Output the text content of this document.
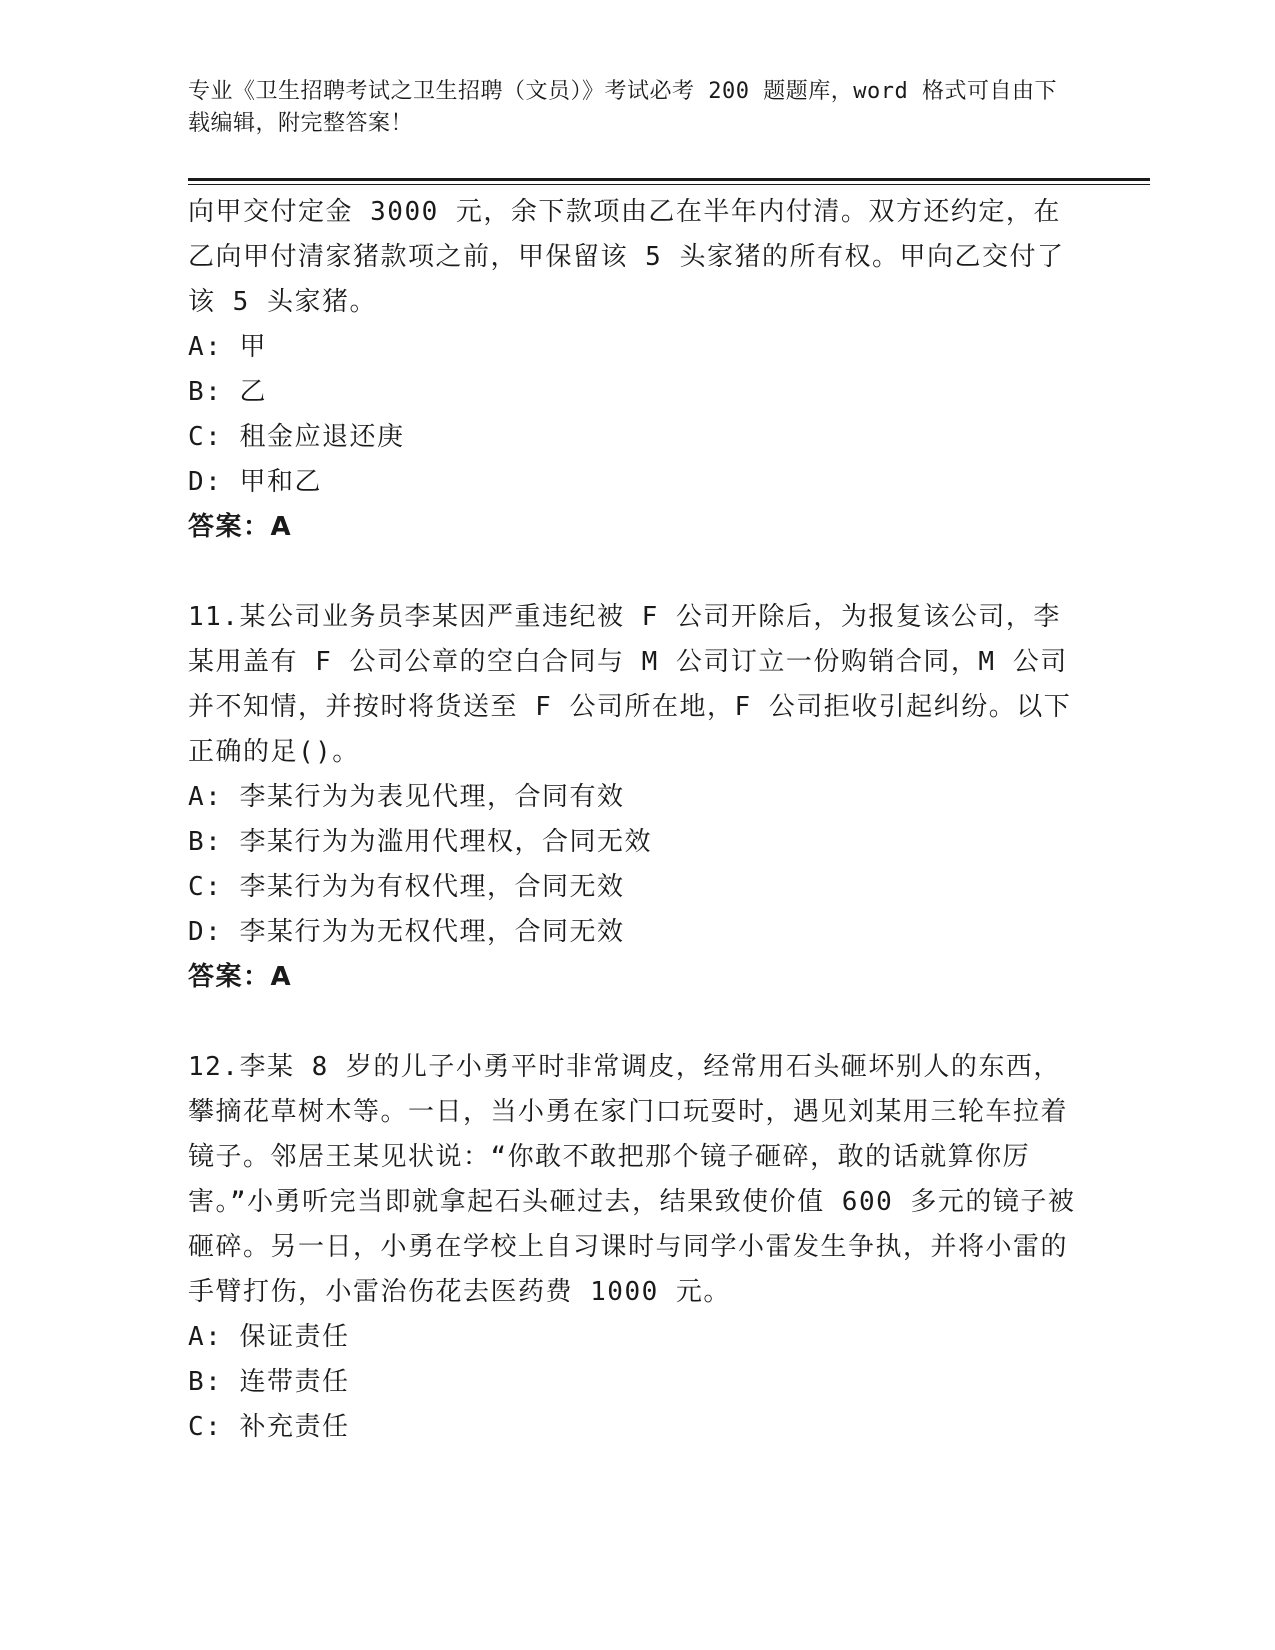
专业《卫生招聘考试之卫生招聘（文员）》考试必考 200 题题库，word 格式可自由下载编辑，附完整答案！

向甲交付定金 3000 元，余下款项由乙在半年内付清。双方还约定，在乙向甲付清家猪款项之前，甲保留该 5 头家猪的所有权。甲向乙交付了该 5 头家猪。

A: 甲

B: 乙

C: 租金应退还庚

D: 甲和乙

答案：A

11.某公司业务员李某因严重违纪被 F 公司开除后，为报复该公司，李某用盖有 F 公司公章的空白合同与 M 公司订立一份购销合同，M 公司并不知情，并按时将货送至 F 公司所在地，F 公司拒收引起纠纷。以下正确的足()。

A: 李某行为为表见代理，合同有效

B: 李某行为为滥用代理权，合同无效

C: 李某行为为有权代理，合同无效

D: 李某行为为无权代理，合同无效

答案：A

12.李某 8 岁的儿子小勇平时非常调皮，经常用石头砸坏别人的东西，攀摘花草树木等。一日，当小勇在家门口玩耍时，遇见刘某用三轮车拉着镜子。邻居王某见状说：“你敢不敢把那个镜子砸碎，敢的话就算你厉害。”小勇听完当即就拿起石头砸过去，结果致使价值 600 多元的镜子被砸碎。另一日，小勇在学校上自习课时与同学小雷发生争执，并将小雷的手臂打伤，小雷治伤花去医药费 1000 元。

A: 保证责任

B: 连带责任

C: 补充责任
